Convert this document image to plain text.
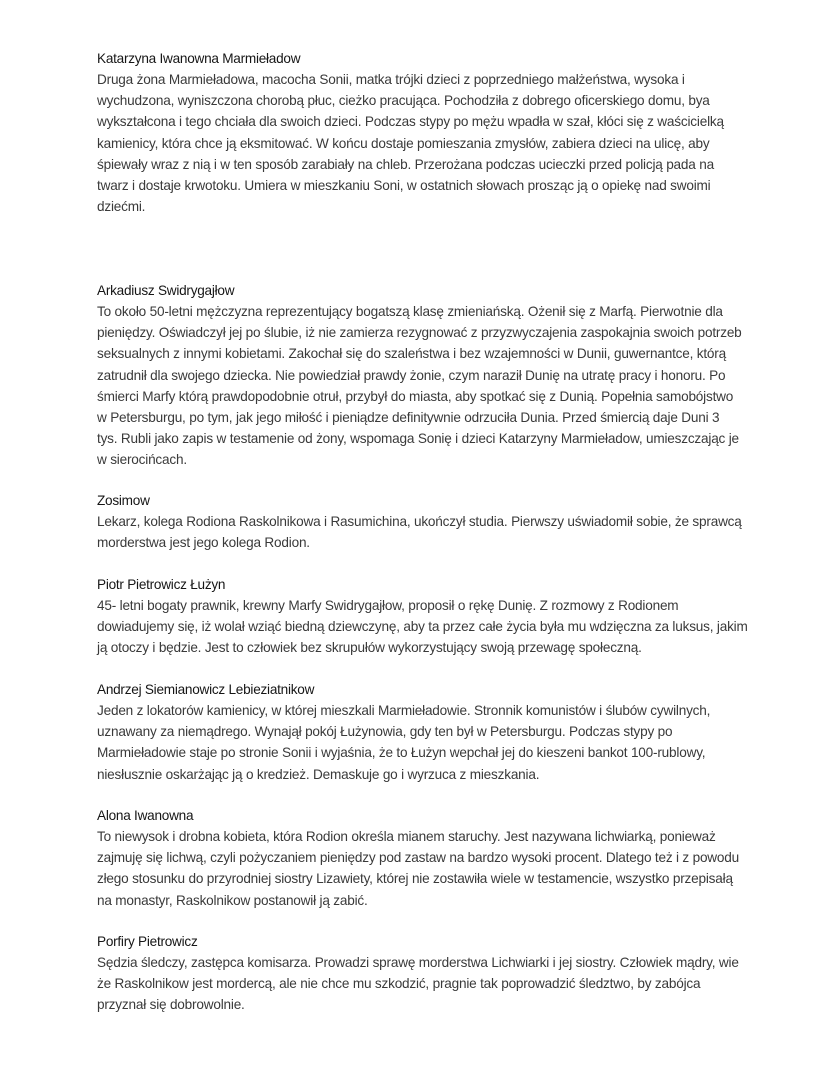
Katarzyna Iwanowna Marmieładow

Druga żona Marmieładowa, macocha Sonii, matka trójki dzieci z poprzedniego małżeństwa, wysoka i
wychudzona, wyniszczona chorobą płuc, cieżko pracująca. Pochodziła z dobrego oficerskiego domu, bya
wykształcona i tego chciała dla swoich dzieci. Podczas stypy po mężu wpadła w szał, kłóci się z waścicielką
kamienicy, która chce ją eksmitować. W końcu dostaje pomieszania zmysłów, zabiera dzieci na ulicę, aby
śpiewały wraz z nią i w ten sposób zarabiały na chleb. Przerożana podczas ucieczki przed policją pada na
twarz i dostaje krwotoku. Umiera w mieszkaniu Soni, w ostatnich słowach prosząc ją o opiekę nad swoimi
dziećmi.

Arkadiusz Swidrygajłow

To około 50-letni mężczyzna reprezentujący bogatszą klasę zmieniańską. Ożenił się z Marfą. Pierwotnie dla
pieniędzy. Oświadczył jej po ślubie, iż nie zamierza rezygnować z przyzwyczajenia zaspokajnia swoich potrzeb
seksualnych z innymi kobietami. Zakochał się do szaleństwa i bez wzajemności w Dunii, guwernantce, którą
zatrudnił dla swojego dziecka. Nie powiedział prawdy żonie, czym naraził Dunię na utratę pracy i honoru. Po
śmierci Marfy którą prawdopodobnie otruł, przybył do miasta, aby spotkać się z Dunią. Popełnia samobójstwo
w Petersburgu, po tym, jak jego miłość i pieniądze definitywnie odrzuciła Dunia. Przed śmiercią daje Duni 3
tys. Rubli jako zapis w testamenie od żony, wspomaga Sonię i dzieci Katarzyny Marmieładow, umieszczając je
w sierocińcach.

Zosimow

Lekarz, kolega Rodiona Raskolnikowa i Rasumichina, ukończył studia. Pierwszy uświadomił sobie, że sprawcą
morderstwa jest jego kolega Rodion.

Piotr Pietrowicz Łużyn

45- letni bogaty prawnik, krewny Marfy Swidrygajłow, proposił o rękę Dunię. Z rozmowy z Rodionem
dowiadujemy się, iż wolał wziąć biedną dziewczynę, aby ta przez całe życia była mu wdzięczna za luksus, jakim
ją otoczy i będzie. Jest to człowiek bez skrupułów wykorzystujący swoją przewagę społeczną.

Andrzej Siemianowicz Lebieziatnikow

Jeden z lokatorów kamienicy, w której mieszkali Marmieładowie. Stronnik komunistów i ślubów cywilnych,
uznawany za niemądrego. Wynajął pokój Łużynowia, gdy ten był w Petersburgu. Podczas stypy po
Marmieładowie staje po stronie Sonii i wyjaśnia, że to Łużyn wepchał jej do kieszeni bankot 100-rublowy,
niesłusznie oskarżając ją o kredzież. Demaskuje go i wyrzuca z mieszkania.

Alona Iwanowna

To niewysok i drobna kobieta, która Rodion określa mianem staruchy. Jest nazywana lichwiarką, ponieważ
zajmuję się lichwą, czyli pożyczaniem pieniędzy pod zastaw na bardzo wysoki procent. Dlatego też i z powodu
złego stosunku do przyrodniej siostry Lizawiety, której nie zostawiła wiele w testamencie, wszystko przepisałą
na monastyr, Raskolnikow postanowił ją zabić.

Porfiry Pietrowicz

Sędzia śledczy, zastępca komisarza. Prowadzi sprawę morderstwa Lichwiarki i jej siostry. Człowiek mądry, wie
że Raskolnikow jest mordercą, ale nie chce mu szkodzić, pragnie tak poprowadzić śledztwo, by zabójca
przyznał się dobrowolnie.
